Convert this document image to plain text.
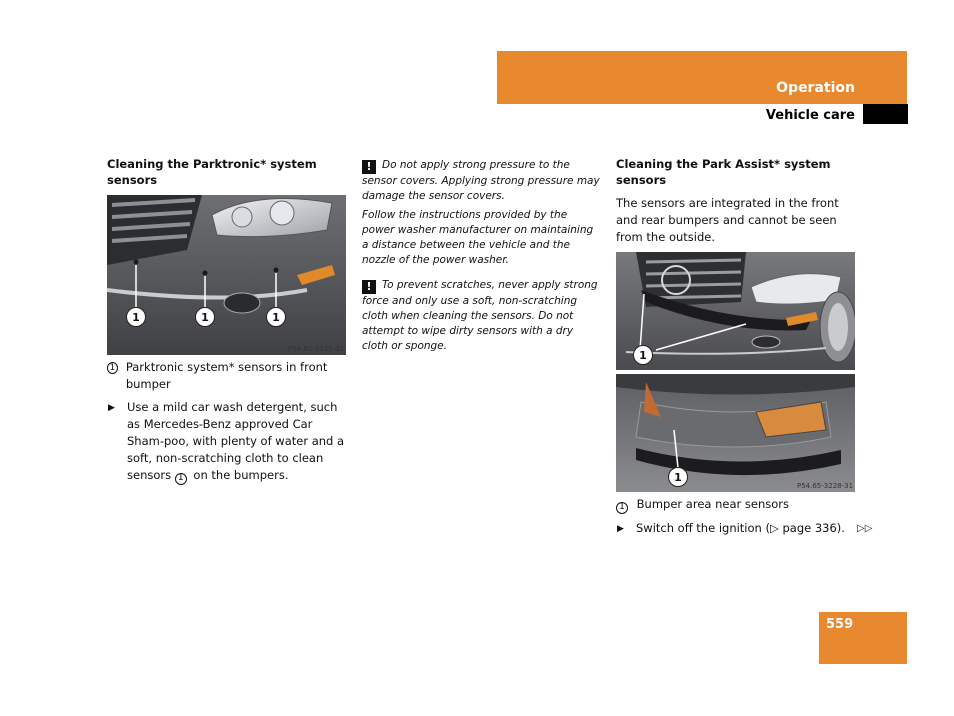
Operation
Vehicle care
Cleaning the Parktronic* system sensors
1	1	1
P54.65-3225-31
1 Parktronic system* sensors in front bumper
▶ Use a mild car wash detergent, such as Mercedes-Benz approved Car Sham-poo, with plenty of water and a soft, non-scratching cloth to clean sensors 1 on the bumpers.
! Do not apply strong pressure to the sensor covers. Applying strong pressure may damage the sensor covers.
Follow the instructions provided by the power washer manufacturer on maintaining a distance between the vehicle and the nozzle of the power washer.
! To prevent scratches, never apply strong force and only use a soft, non-scratching cloth when cleaning the sensors. Do not attempt to wipe dirty sensors with a dry cloth or sponge.
Cleaning the Park Assist* system sensors
The sensors are integrated in the front and rear bumpers and cannot be seen from the outside.
1
1
P54.65-3228-31
1 Bumper area near sensors
▶ Switch off the ignition (▷ page 336).	▷▷
559
